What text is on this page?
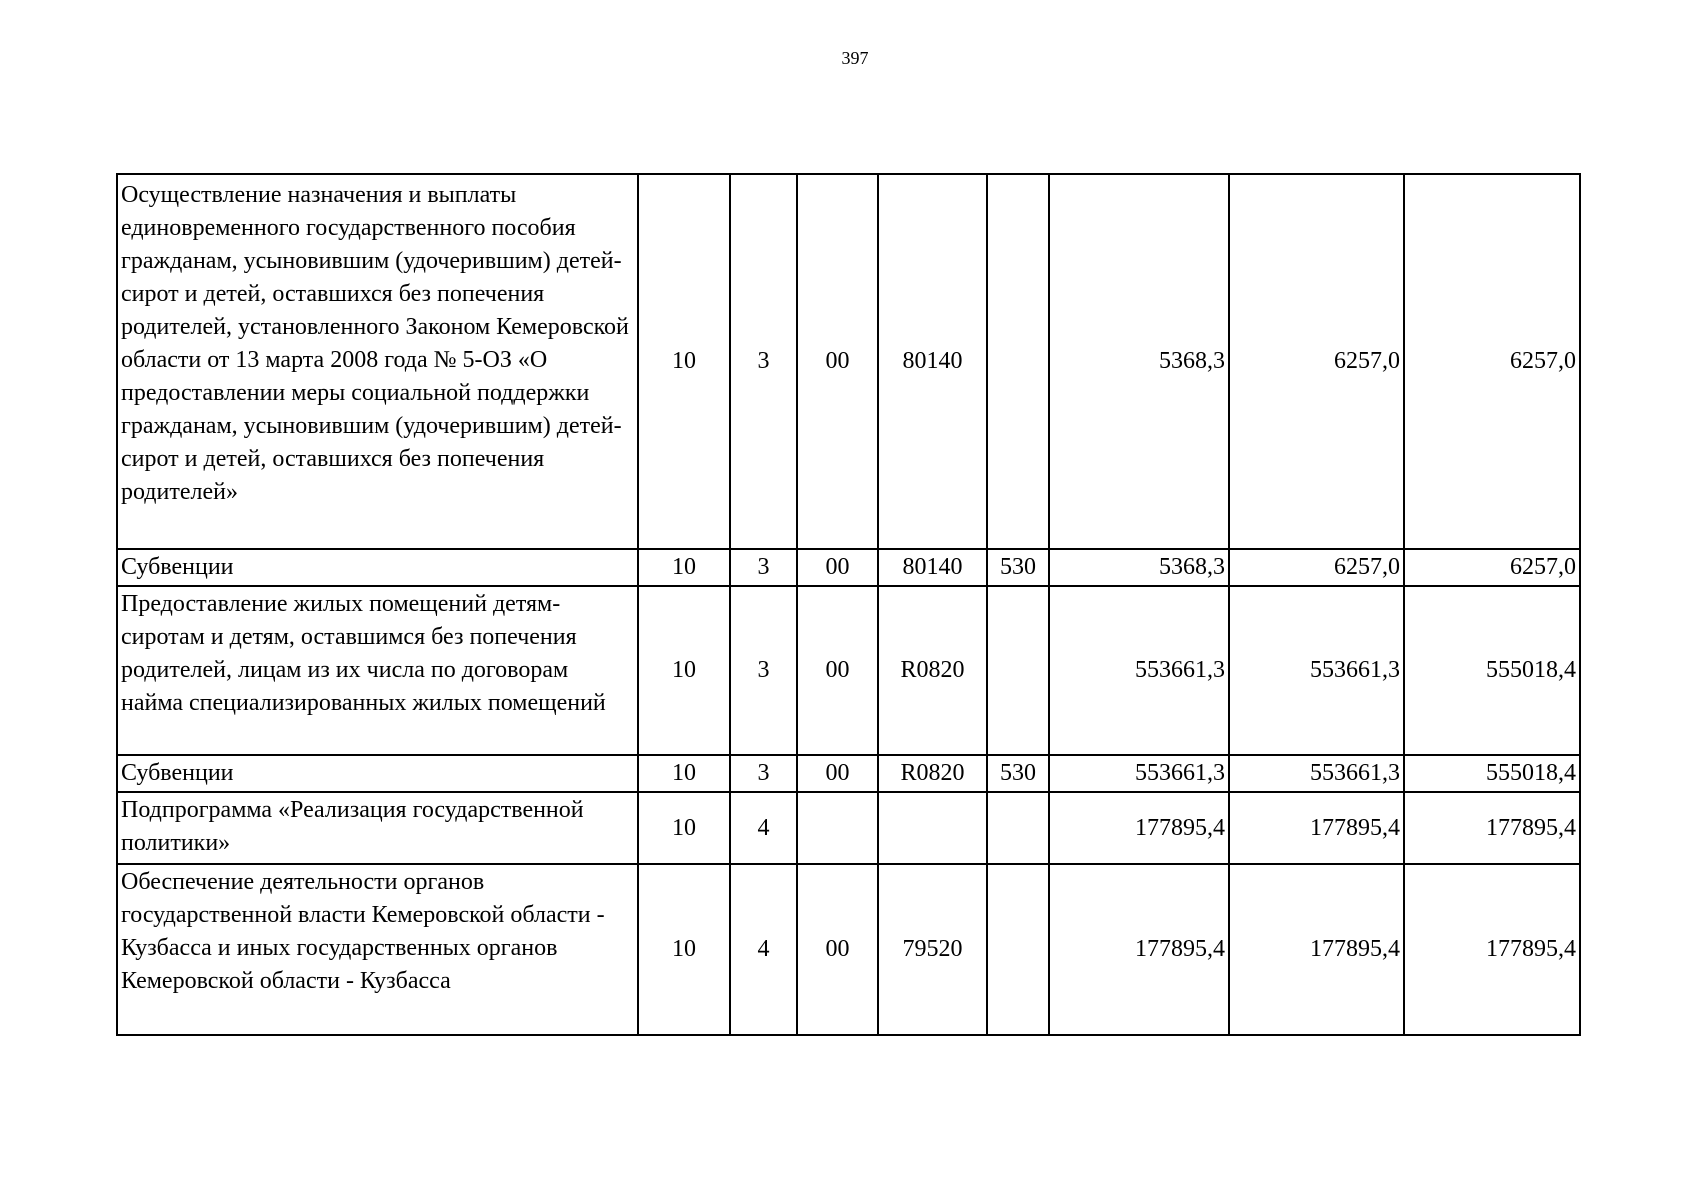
397
Осуществление назначения и выплаты единовременного государственного пособия гражданам, усыновившим (удочерившим) детей-сирот и детей, оставшихся без попечения родителей, установленного Законом Кемеровской области от 13 марта 2008 года № 5-ОЗ «О предоставлении меры социальной поддержки гражданам, усыновившим (удочерившим) детей-сирот и детей, оставшихся без попечения родителей»	10	3	00	80140		5368,3	6257,0	6257,0
Субвенции	10	3	00	80140	530	5368,3	6257,0	6257,0
Предоставление жилых помещений детям-сиротам и детям, оставшимся без попечения родителей, лицам из их числа по договорам найма специализированных жилых помещений	10	3	00	R0820		553661,3	553661,3	555018,4
Субвенции	10	3	00	R0820	530	553661,3	553661,3	555018,4
Подпрограмма «Реализация государственной политики»	10	4				177895,4	177895,4	177895,4
Обеспечение деятельности органов государственной власти Кемеровской области - Кузбасса и иных государственных органов Кемеровской области - Кузбасса	10	4	00	79520		177895,4	177895,4	177895,4
